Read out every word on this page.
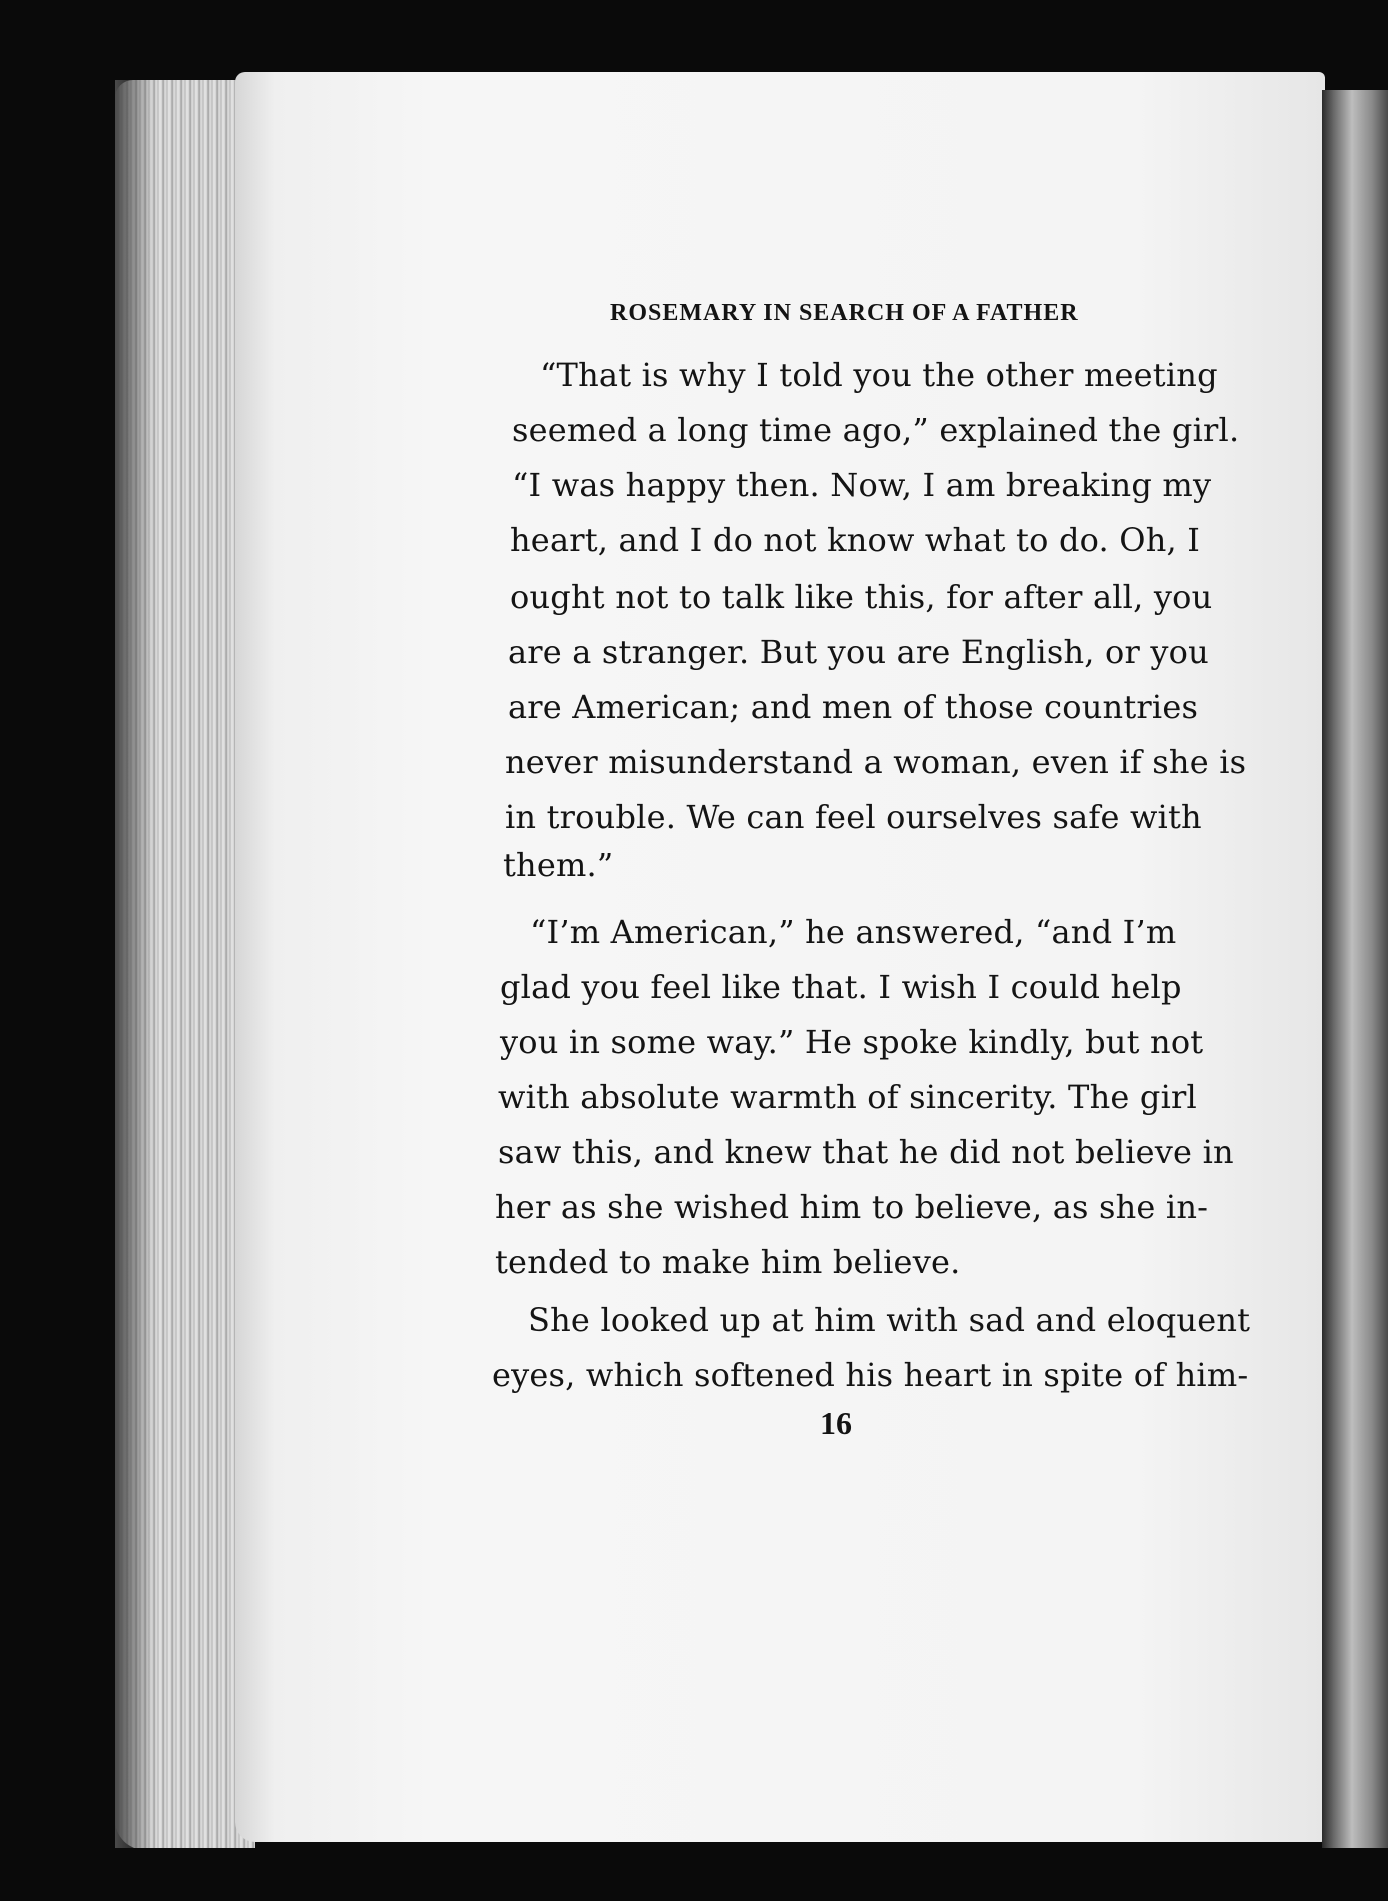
ROSEMARY IN SEARCH OF A FATHER
“That is why I told you the other meeting
seemed a long time ago,” explained the girl.
“I was happy then. Now, I am breaking my
heart, and I do not know what to do. Oh, I
ought not to talk like this, for after all, you
are a stranger. But you are English, or you
are American; and men of those countries
never misunderstand a woman, even if she is
in trouble. We can feel ourselves safe with
them.”
“I’m American,” he answered, “and I’m
glad you feel like that. I wish I could help
you in some way.” He spoke kindly, but not
with absolute warmth of sincerity. The girl
saw this, and knew that he did not believe in
her as she wished him to believe, as she in-
tended to make him believe.
She looked up at him with sad and eloquent
eyes, which softened his heart in spite of him-
16
